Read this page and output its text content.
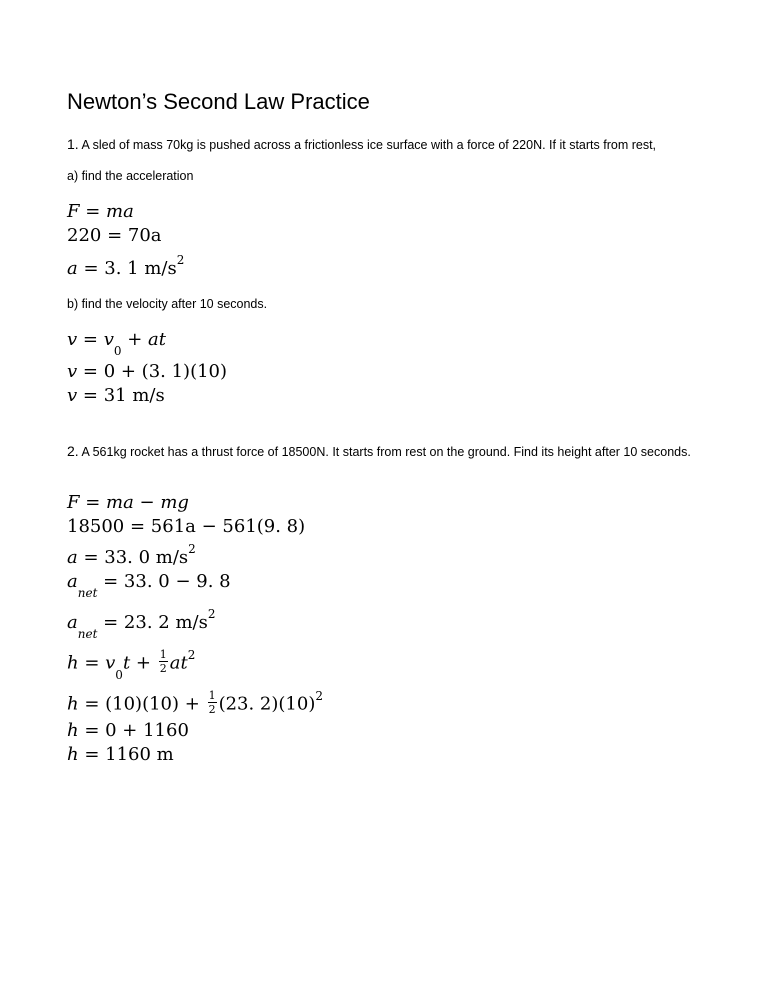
Newton’s Second Law Practice
1. A sled of mass 70kg is pushed across a frictionless ice surface with a force of 220N. If it starts from rest,
a) find the acceleration
F = ma
220 = 70a
a = 3. 1 $m/s^2$
b) find the velocity after 10 seconds.
$v = v_0$ + at
v = 0 + (3. 1)(10)
v = 31 m/s
2. A 561kg rocket has a thrust force of 18500N. It starts from rest on the ground. Find its height after 10 seconds.
F = ma − mg
18500 = 561a − 561(9. 8)
a = 33. 0 $m/s^2$
$a_{net} = 33$. 0 − 9. 8
$a_{net} = 23$. 2 $m/s^2$
$h = v_0t + \frac{1}{2} at^2$
$h = (10)(10) + \frac{1}{2} (23$. $2)(10)^2$
h = 0 + 1160
h = 1160 m
